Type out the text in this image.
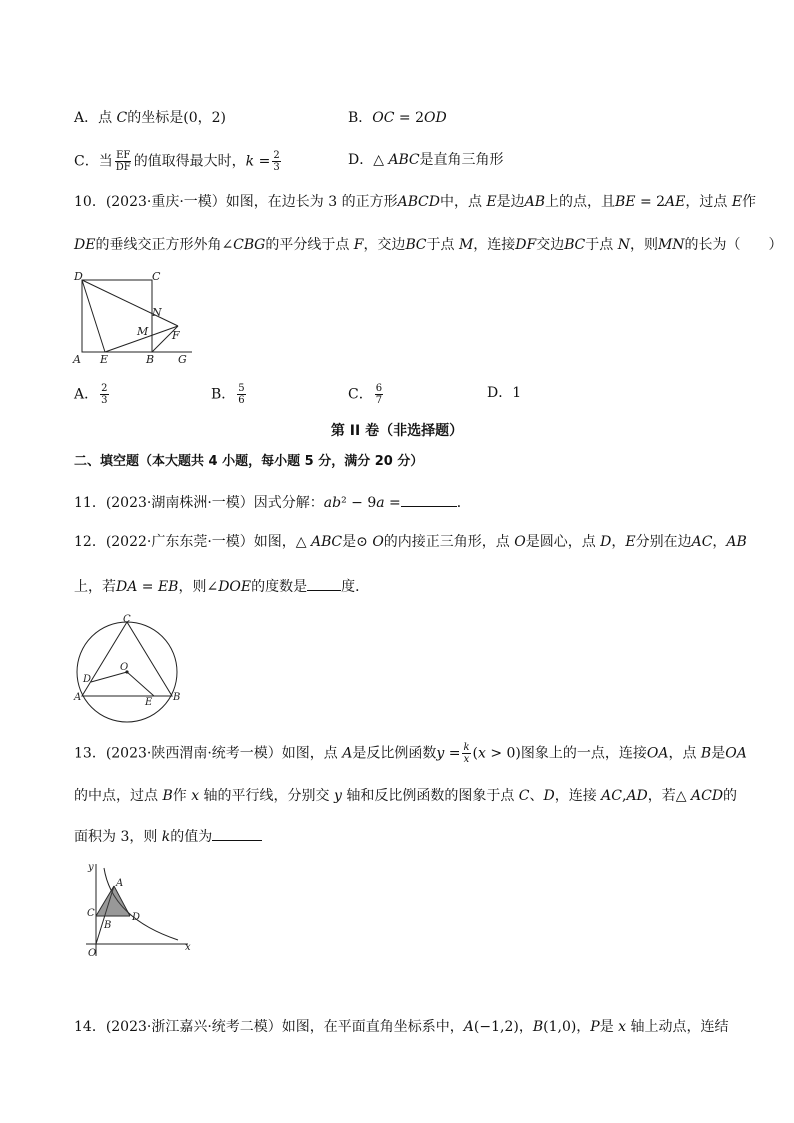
A．点 𝐶的坐标是(0，2)	B．𝑂𝐶 = 2𝑂𝐷
C．当 $\frac{EF}{DF}$ 的值取得最大时，𝑘 = $\frac{2}{3}$	D．△ 𝐴𝐵𝐶是直角三角形
10．(2023·重庆·一模）如图，在边长为 3 的正方形𝐴𝐵𝐶𝐷中，点 𝐸是边𝐴𝐵上的点，且𝐵𝐸 = 2𝐴𝐸，过点 𝐸作
𝐷𝐸的垂线交正方形外角∠𝐶𝐵𝐺的平分线于点 𝐹，交边𝐵𝐶于点 𝑀，连接𝐷𝐹交边𝐵𝐶于点 𝑁，则𝑀𝑁的长为（　　）
D	C
N
M F
A E	B G
A． $\frac{2}{3}$	B． $\frac{5}{6}$	C． $\frac{6}{7}$	D．1
第 II 卷（非选择题）
二、填空题（本大题共 4 小题，每小题 5 分，满分 20 分）
11．(2023·湖南株洲·一模）因式分解：𝑎𝑏² − 9𝑎 =	．
12．(2022·广东东莞·一模）如图，△ 𝐴𝐵𝐶是⊙ 𝑂的内接正三角形，点 𝑂是圆心，点 𝐷，𝐸分别在边𝐴𝐶，𝐴𝐵
上，若𝐷𝐴 = 𝐸𝐵，则∠𝐷𝑂𝐸的度数是 度．
C
O
D
A	E B
13．(2023·陕西渭南·统考一模）如图，点 𝐴是反比例函数𝑦 = $\frac{k}{x}$ (𝑥 > 0)图象上的一点，连接𝑂𝐴，点 𝐵是𝑂𝐴
的中点，过点 𝐵作 𝑥 轴的平行线，分别交 𝑦 轴和反比例函数的图象于点 𝐶、𝐷，连接 𝐴𝐶,𝐴𝐷，若△ 𝐴𝐶𝐷的
面积为 3，则 𝑘的值为
y
A
C
B
D
O
x
14．(2023·浙江嘉兴·统考二模）如图，在平面直角坐标系中，𝐴(−1,2)，𝐵(1,0)，𝑃是 𝑥 轴上动点，连结
